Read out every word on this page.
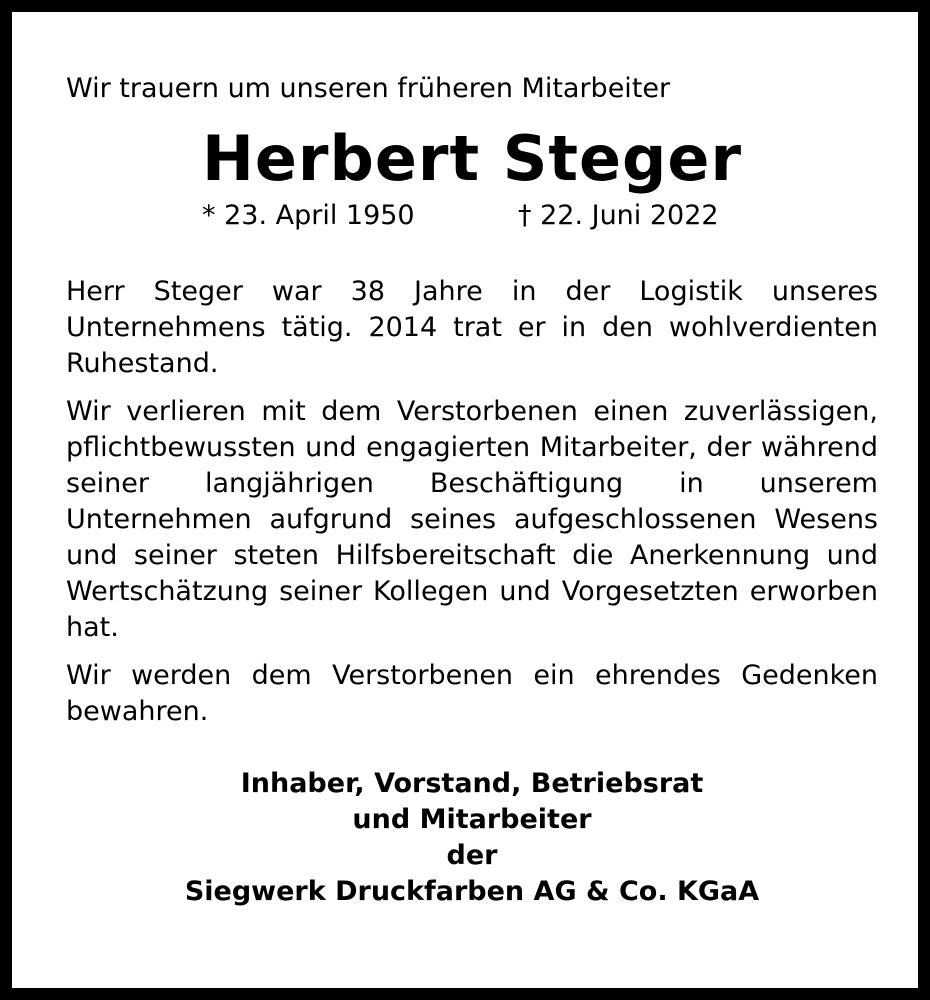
Wir trauern um unseren früheren Mitarbeiter

Herbert Steger
* 23. April 1950	† 22. Juni 2022

Herr Steger war 38 Jahre in der Logistik unseres Unternehmens tätig. 2014 trat er in den wohlverdienten Ruhestand.

Wir verlieren mit dem Verstorbenen einen zuverlässigen, pflichtbewussten und engagierten Mitarbeiter, der während seiner langjährigen Beschäftigung in unserem Unternehmen aufgrund seines aufgeschlossenen Wesens und seiner steten Hilfsbereitschaft die Anerkennung und Wertschätzung seiner Kollegen und Vorgesetzten erworben hat.

Wir werden dem Verstorbenen ein ehrendes Gedenken bewahren.

Inhaber, Vorstand, Betriebsrat
und Mitarbeiter
der
Siegwerk Druckfarben AG & Co. KGaA
